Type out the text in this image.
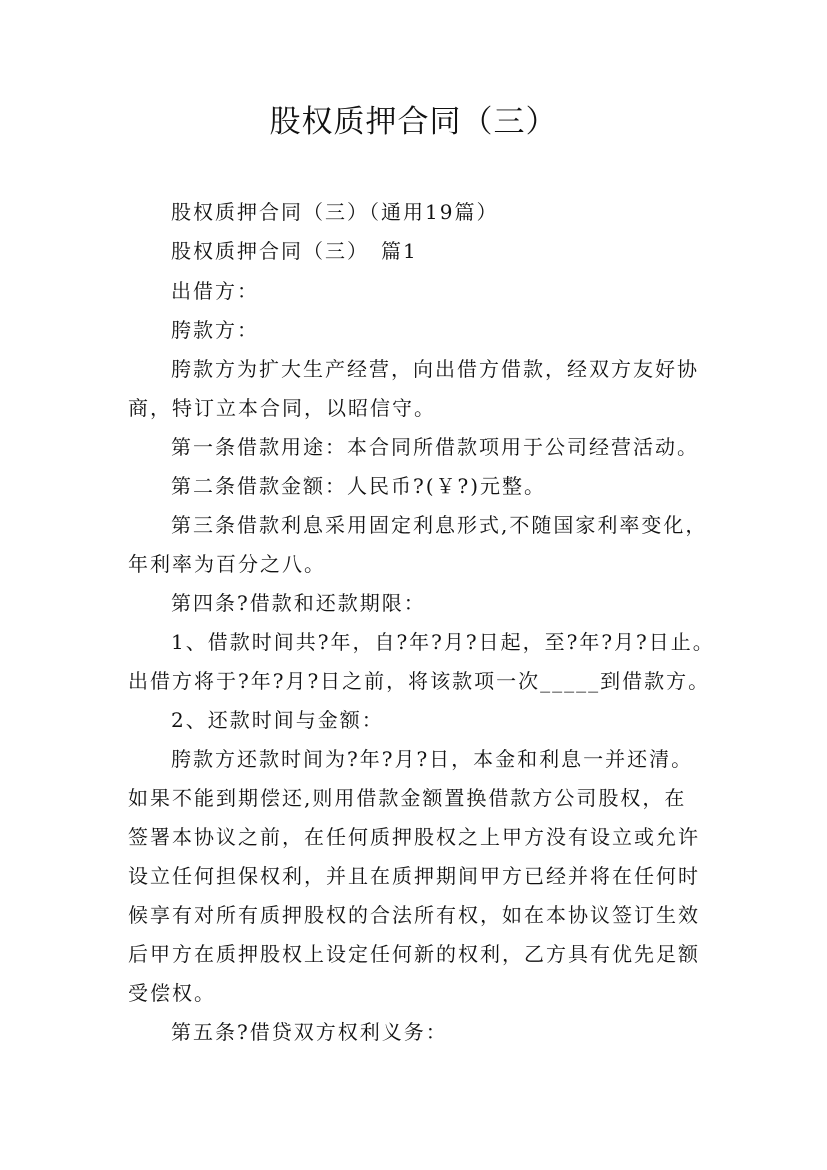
股权质押合同（三）

股权质押合同（三）（通用19篇）

股权质押合同（三）　篇1

出借方：

胯款方：

胯款方为扩大生产经营，向出借方借款，经双方友好协

商，特订立本合同，以昭信守。

第一条借款用途：本合同所借款项用于公司经营活动。

第二条借款金额：人民币?(￥?)元整。

第三条借款利息采用固定利息形式,不随国家利率变化，

年利率为百分之八。

第四条?借款和还款期限：

1、借款时间共?年，自?年?月?日起，至?年?月?日止。

出借方将于?年?月?日之前，将该款项一次_____到借款方。

2、还款时间与金额：

胯款方还款时间为?年?月?日，本金和利息一并还清。

如果不能到期偿还,则用借款金额置换借款方公司股权，在

签署本协议之前，在任何质押股权之上甲方没有设立或允许

设立任何担保权利，并且在质押期间甲方已经并将在任何时

候享有对所有质押股权的合法所有权，如在本协议签订生效

后甲方在质押股权上设定任何新的权利，乙方具有优先足额

受偿权。

第五条?借贷双方权利义务：
